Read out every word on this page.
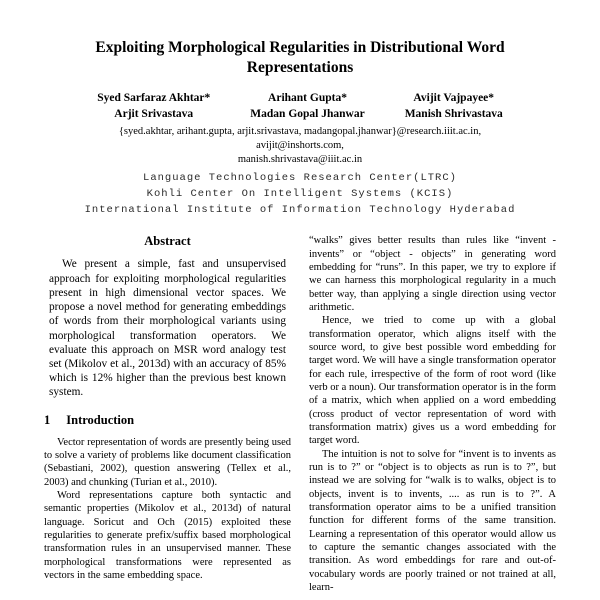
Exploiting Morphological Regularities in Distributional Word Representations
Syed Sarfaraz Akhtar*
Arjit Srivastava
Arihant Gupta*
Madan Gopal Jhanwar
Avijit Vajpayee*
Manish Shrivastava
{syed.akhtar, arihant.gupta, arjit.srivastava, madangopal.jhanwar}@research.iiit.ac.in,
avijit@inshorts.com,
manish.shrivastava@iiit.ac.in
Language Technologies Research Center(LTRC)
Kohli Center On Intelligent Systems (KCIS)
International Institute of Information Technology Hyderabad
Abstract

We present a simple, fast and unsupervised approach for exploiting morphological regularities present in high dimensional vector spaces. We propose a novel method for generating embeddings of words from their morphological variants using morphological transformation operators. We evaluate this approach on MSR word analogy test set (Mikolov et al., 2013d) with an accuracy of 85% which is 12% higher than the previous best known system.

1 Introduction

Vector representation of words are presently being used to solve a variety of problems like document classification (Sebastiani, 2002), question answering (Tellex et al., 2003) and chunking (Turian et al., 2010).

Word representations capture both syntactic and semantic properties (Mikolov et al., 2013d) of natural language. Soricut and Och (2015) exploited these regularities to generate prefix/suffix based morphological transformation rules in an unsupervised manner. These morphological transformations were represented as vectors in the same embedding space.

“walks” gives better results than rules like “invent - invents” or “object - objects” in generating word embedding for “runs”. In this paper, we try to explore if we can harness this morphological regularity in a much better way, than applying a single direction using vector arithmetic.

Hence, we tried to come up with a global transformation operator, which aligns itself with the source word, to give best possible word embedding for target word. We will have a single transformation operator for each rule, irrespective of the form of root word (like verb or a noun). Our transformation operator is in the form of a matrix, which when applied on a word embedding (cross product of vector representation of word with transformation matrix) gives us a word embedding for target word.

The intuition is not to solve for “invent is to invents as run is to ?” or “object is to objects as run is to ?”, but instead we are solving for “walk is to walks, object is to objects, invent is to invents, .... as run is to ?”. A transformation operator aims to be a unified transition function for different forms of the same transition. Learning a representation of this operator would allow us to capture the semantic changes associated with the transition. As word embeddings for rare and out-of-vocabulary words are poorly trained or not trained at all, learn-
